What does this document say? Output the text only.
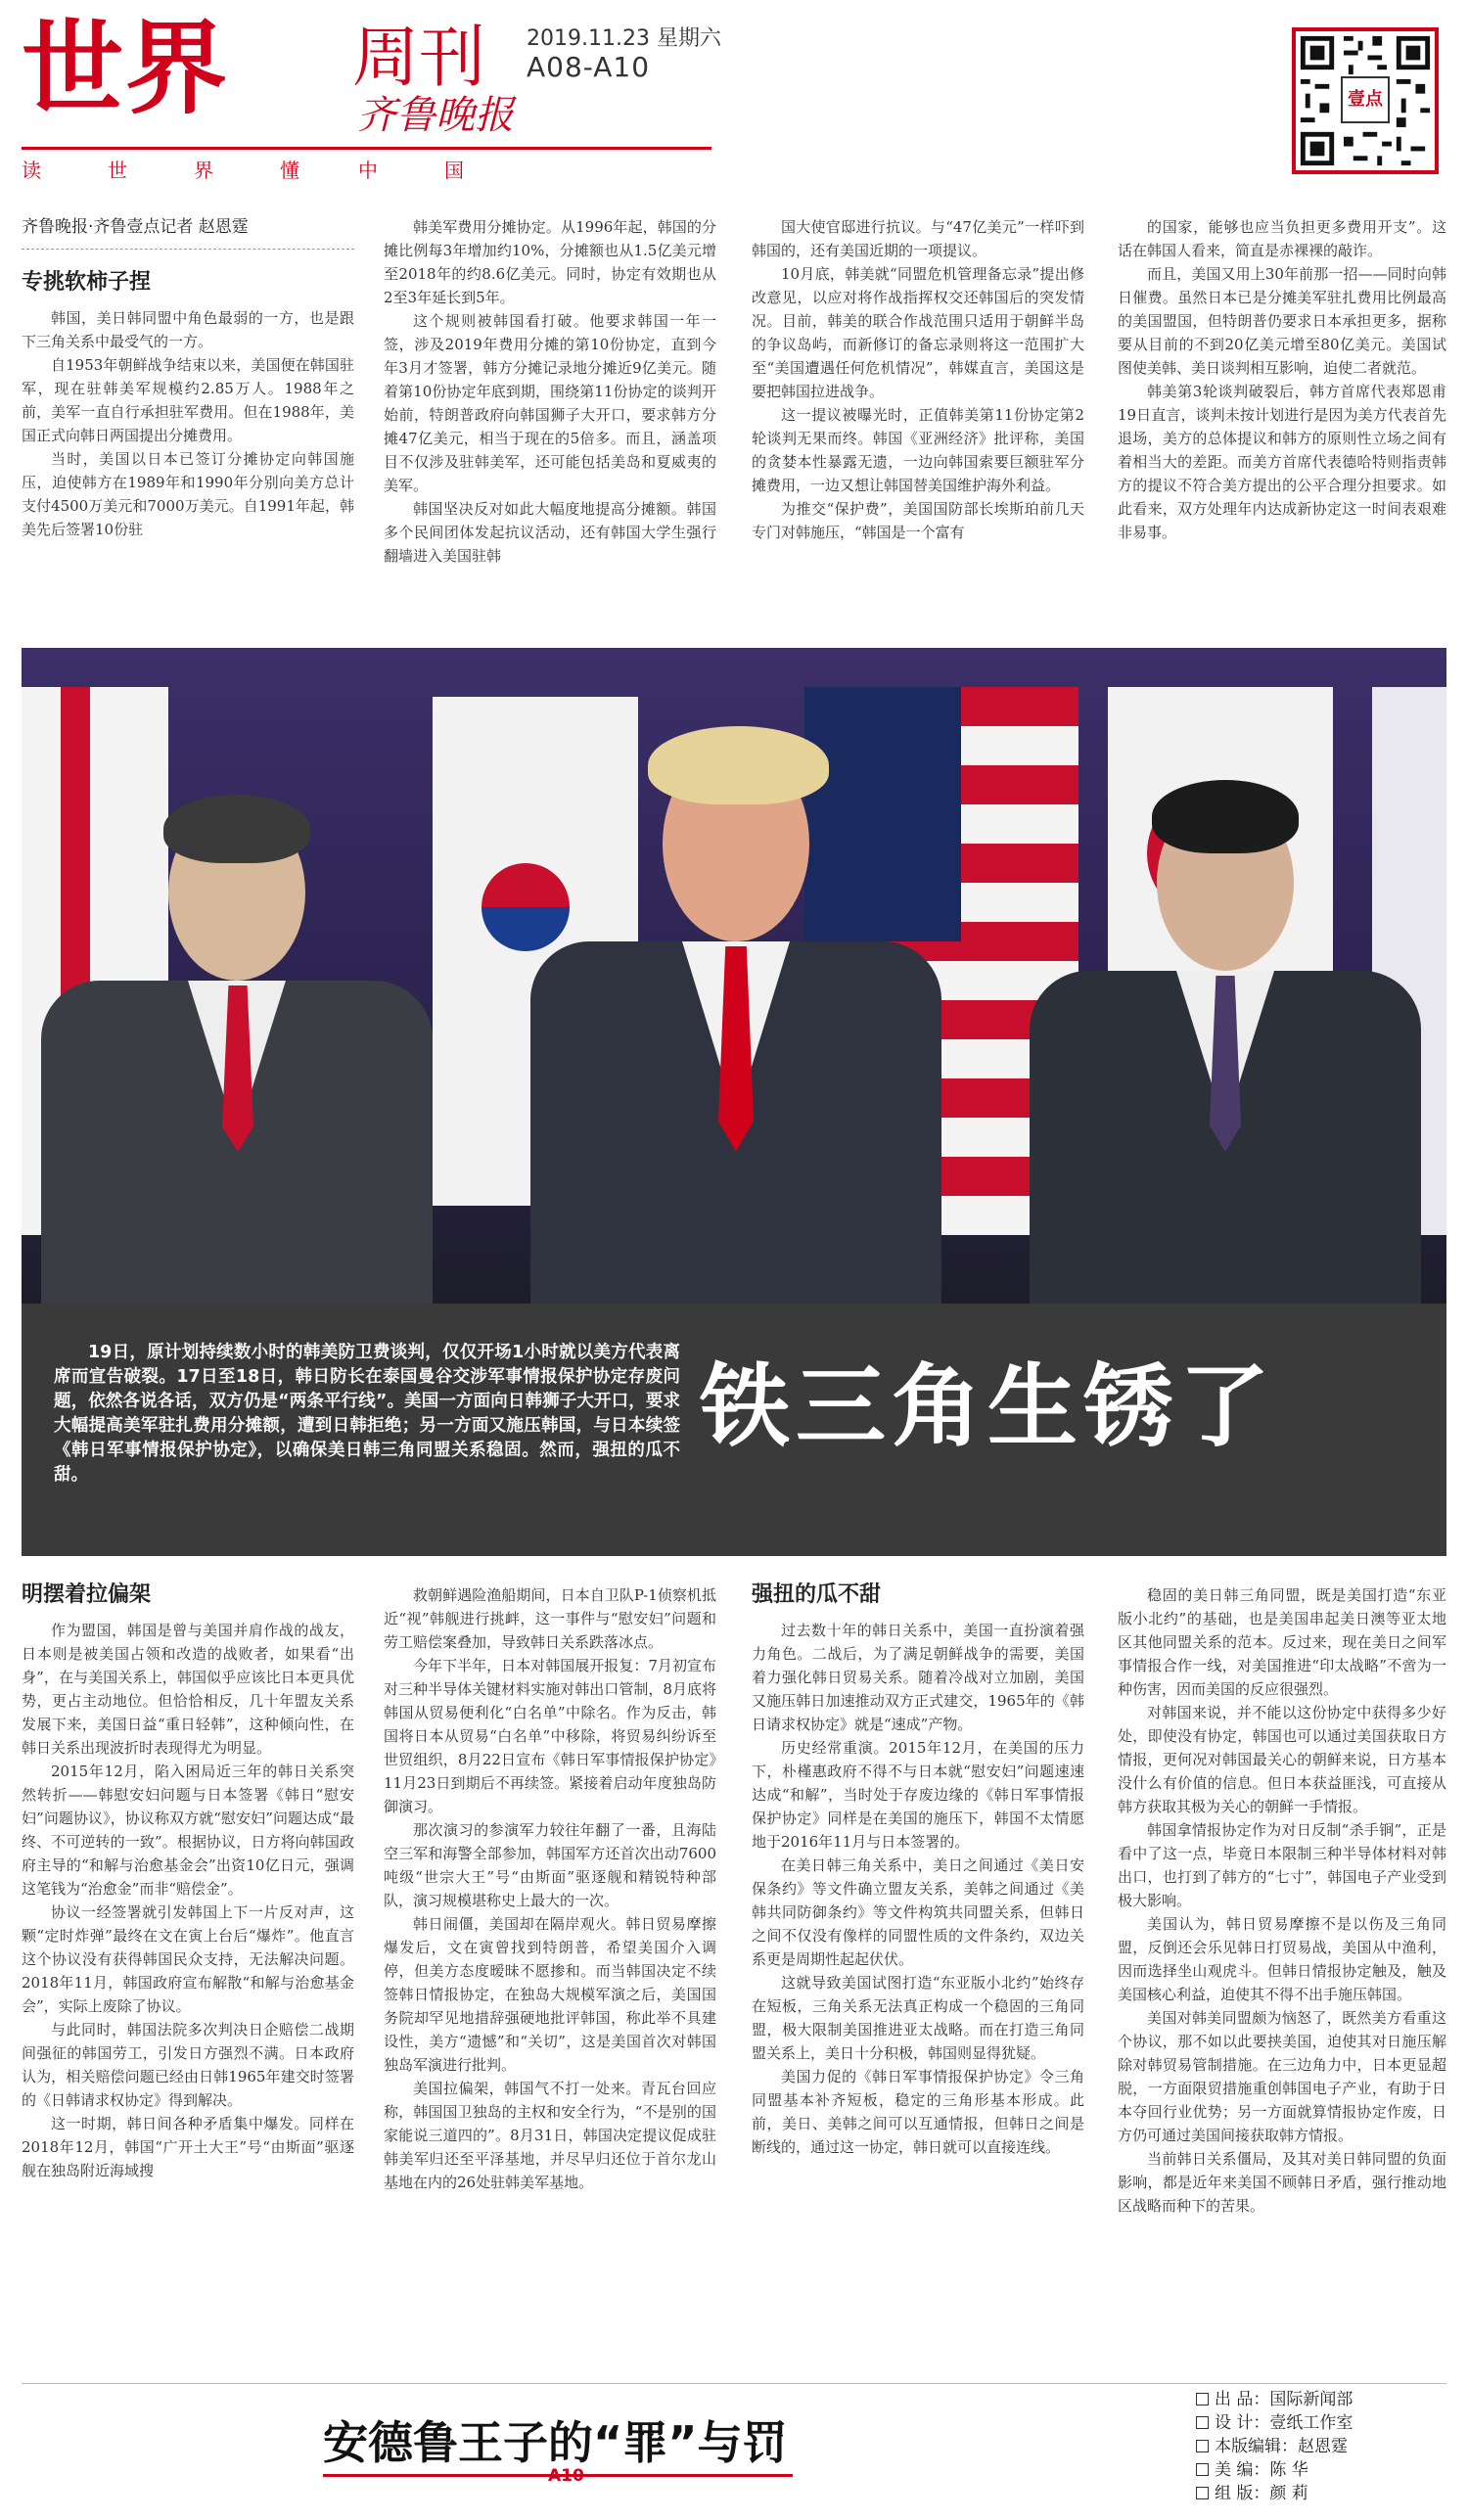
世界 周刊
齐鲁晚报
2019.11.23 星期六
A08-A10
读	世	界	懂	中	国
壹点

齐鲁晚报·齐鲁壹点记者 赵恩霆

专挑软柿子捏

韩国，美日韩同盟中角色最弱的一方，也是跟下三角关系中最受气的一方。

自1953年朝鲜战争结束以来，美国便在韩国驻军，现在驻韩美军规模约2.85万人。1988年之前，美军一直自行承担驻军费用。但在1988年，美国正式向韩日两国提出分摊费用。

当时，美国以日本已签订分摊协定向韩国施压，迫使韩方在1989年和1990年分别向美方总计支付4500万美元和7000万美元。自1991年起，韩美先后签署10份驻

韩美军费用分摊协定。从1996年起，韩国的分摊比例每3年增加约10%，分摊额也从1.5亿美元增至2018年的约8.6亿美元。同时，协定有效期也从2至3年延长到5年。

这个规则被韩国看打破。他要求韩国一年一签，涉及2019年费用分摊的第10份协定，直到今年3月才签署，韩方分摊记录地分摊近9亿美元。随着第10份协定年底到期，围绕第11份协定的谈判开始前，特朗普政府向韩国狮子大开口，要求韩方分摊47亿美元，相当于现在的5倍多。而且，涵盖项目不仅涉及驻韩美军，还可能包括美岛和夏威夷的美军。

韩国坚决反对如此大幅度地提高分摊额。韩国多个民间团体发起抗议活动，还有韩国大学生强行翻墙进入美国驻韩

国大使官邸进行抗议。与“47亿美元”一样吓到韩国的，还有美国近期的一项提议。

10月底，韩美就“同盟危机管理备忘录”提出修改意见，以应对将作战指挥权交还韩国后的突发情况。目前，韩美的联合作战范围只适用于朝鲜半岛的争议岛屿，而新修订的备忘录则将这一范围扩大至“美国遭遇任何危机情况”，韩媒直言，美国这是要把韩国拉进战争。

这一提议被曝光时，正值韩美第11份协定第2轮谈判无果而终。韩国《亚洲经济》批评称，美国的贪婪本性暴露无遗，一边向韩国索要巨额驻军分摊费用，一边又想让韩国替美国维护海外利益。

为推交“保护费”，美国国防部长埃斯珀前几天专门对韩施压，“韩国是一个富有

的国家，能够也应当负担更多费用开支”。这话在韩国人看来，简直是赤裸裸的敲诈。

而且，美国又用上30年前那一招——同时向韩日催费。虽然日本已是分摊美军驻扎费用比例最高的美国盟国，但特朗普仍要求日本承担更多，据称要从目前的不到20亿美元增至80亿美元。美国试图使美韩、美日谈判相互影响，迫使二者就范。

韩美第3轮谈判破裂后，韩方首席代表郑恩甫19日直言，谈判未按计划进行是因为美方代表首先退场，美方的总体提议和韩方的原则性立场之间有着相当大的差距。而美方首席代表德哈特则指责韩方的提议不符合美方提出的公平合理分担要求。如此看来，双方处理年内达成新协定这一时间表艰难非易事。

19日，原计划持续数小时的韩美防卫费谈判，仅仅开场1小时就以美方代表离席而宣告破裂。17日至18日，韩日防长在泰国曼谷交涉军事情报保护协定存废问题，依然各说各话，双方仍是“两条平行线”。美国一方面向日韩狮子大开口，要求大幅提高美军驻扎费用分摊额，遭到日韩拒绝；另一方面又施压韩国，与日本续签《韩日军事情报保护协定》，以确保美日韩三角同盟关系稳固。然而，强扭的瓜不甜。
铁三角生锈了
明摆着拉偏架

作为盟国，韩国是曾与美国并肩作战的战友，日本则是被美国占领和改造的战败者，如果看“出身”，在与美国关系上，韩国似乎应该比日本更具优势，更占主动地位。但恰恰相反，几十年盟友关系发展下来，美国日益“重日轻韩”，这种倾向性，在韩日关系出现波折时表现得尤为明显。

2015年12月，陷入困局近三年的韩日关系突然转折——韩慰安妇问题与日本签署《韩日“慰安妇”问题协议》，协议称双方就“慰安妇”问题达成“最终、不可逆转的一致”。根据协议，日方将向韩国政府主导的“和解与治愈基金会”出资10亿日元，强调这笔钱为“治愈金”而非“赔偿金”。

协议一经签署就引发韩国上下一片反对声，这颗“定时炸弹”最终在文在寅上台后“爆炸”。他直言这个协议没有获得韩国民众支持，无法解决问题。2018年11月，韩国政府宣布解散“和解与治愈基金会”，实际上废除了协议。

与此同时，韩国法院多次判决日企赔偿二战期间强征的韩国劳工，引发日方强烈不满。日本政府认为，相关赔偿问题已经由日韩1965年建交时签署的《日韩请求权协定》得到解决。

这一时期，韩日间各种矛盾集中爆发。同样在2018年12月，韩国“广开土大王”号“由斯面”驱逐舰在独岛附近海域搜

救朝鲜遇险渔船期间，日本自卫队P-1侦察机抵近“视”韩舰进行挑衅，这一事件与“慰安妇”问题和劳工赔偿案叠加，导致韩日关系跌落冰点。

今年下半年，日本对韩国展开报复：7月初宣布对三种半导体关键材料实施对韩出口管制，8月底将韩国从贸易便利化“白名单”中除名。作为反击，韩国将日本从贸易“白名单”中移除，将贸易纠纷诉至世贸组织，8月22日宣布《韩日军事情报保护协定》11月23日到期后不再续签。紧接着启动年度独岛防御演习。

那次演习的参演军力较往年翻了一番，且海陆空三军和海警全部参加，韩国军方还首次出动7600吨级“世宗大王”号“由斯面”驱逐舰和精锐特种部队，演习规模堪称史上最大的一次。

韩日闹僵，美国却在隔岸观火。韩日贸易摩擦爆发后，文在寅曾找到特朗普，希望美国介入调停，但美方态度暧昧不愿掺和。而当韩国决定不续签韩日情报协定，在独岛大规模军演之后，美国国务院却罕见地措辞强硬地批评韩国，称此举不具建设性，美方“遗憾”和“关切”，这是美国首次对韩国独岛军演进行批判。

美国拉偏架，韩国气不打一处来。青瓦台回应称，韩国国卫独岛的主权和安全行为，“不是别的国家能说三道四的”。8月31日，韩国决定提议促成驻韩美军归还至平泽基地，并尽早归还位于首尔龙山基地在内的26处驻韩美军基地。

强扭的瓜不甜

过去数十年的韩日关系中，美国一直扮演着强力角色。二战后，为了满足朝鲜战争的需要，美国着力强化韩日贸易关系。随着冷战对立加剧，美国又施压韩日加速推动双方正式建交，1965年的《韩日请求权协定》就是“速成”产物。

历史经常重演。2015年12月，在美国的压力下，朴槿惠政府不得不与日本就“慰安妇”问题速速达成“和解”，当时处于存废边缘的《韩日军事情报保护协定》同样是在美国的施压下，韩国不太情愿地于2016年11月与日本签署的。

在美日韩三角关系中，美日之间通过《美日安保条约》等文件确立盟友关系，美韩之间通过《美韩共同防御条约》等文件构筑共同盟关系，但韩日之间不仅没有像样的同盟性质的文件条约，双边关系更是周期性起起伏伏。

这就导致美国试图打造“东亚版小北约”始终存在短板，三角关系无法真正构成一个稳固的三角同盟，极大限制美国推进亚太战略。而在打造三角同盟关系上，美日十分积极，韩国则显得犹疑。

美国力促的《韩日军事情报保护协定》令三角同盟基本补齐短板，稳定的三角形基本形成。此前，美日、美韩之间可以互通情报，但韩日之间是断线的，通过这一协定，韩日就可以直接连线。

稳固的美日韩三角同盟，既是美国打造“东亚版小北约”的基础，也是美国串起美日澳等亚太地区其他同盟关系的范本。反过来，现在美日之间军事情报合作一线，对美国推进“印太战略”不啻为一种伤害，因而美国的反应很强烈。

对韩国来说，并不能以这份协定中获得多少好处，即使没有协定，韩国也可以通过美国获取日方情报，更何况对韩国最关心的朝鲜来说，日方基本没什么有价值的信息。但日本获益匪浅，可直接从韩方获取其极为关心的朝鲜一手情报。

韩国拿情报协定作为对日反制“杀手锏”，正是看中了这一点，毕竟日本限制三种半导体材料对韩出口，也打到了韩方的“七寸”，韩国电子产业受到极大影响。

美国认为，韩日贸易摩擦不是以伤及三角同盟，反倒还会乐见韩日打贸易战，美国从中渔利，因而选择坐山观虎斗。但韩日情报协定触及，触及美国核心利益，迫使其不得不出手施压韩国。

美国对韩美同盟颇为恼怒了，既然美方看重这个协议，那不如以此要挟美国，迫使其对日施压解除对韩贸易管制措施。在三边角力中，日本更显超脱，一方面限贸措施重创韩国电子产业，有助于日本夺回行业优势；另一方面就算情报协定作废，日方仍可通过美国间接获取韩方情报。

当前韩日关系僵局，及其对美日韩同盟的负面影响，都是近年来美国不顾韩日矛盾，强行推动地区战略而种下的苦果。

安德鲁王子的“罪”与罚
A10
出 品：国际新闻部
设 计：壹纸工作室
本版编辑：赵恩霆
美 编：陈 华
组 版：颜 莉
